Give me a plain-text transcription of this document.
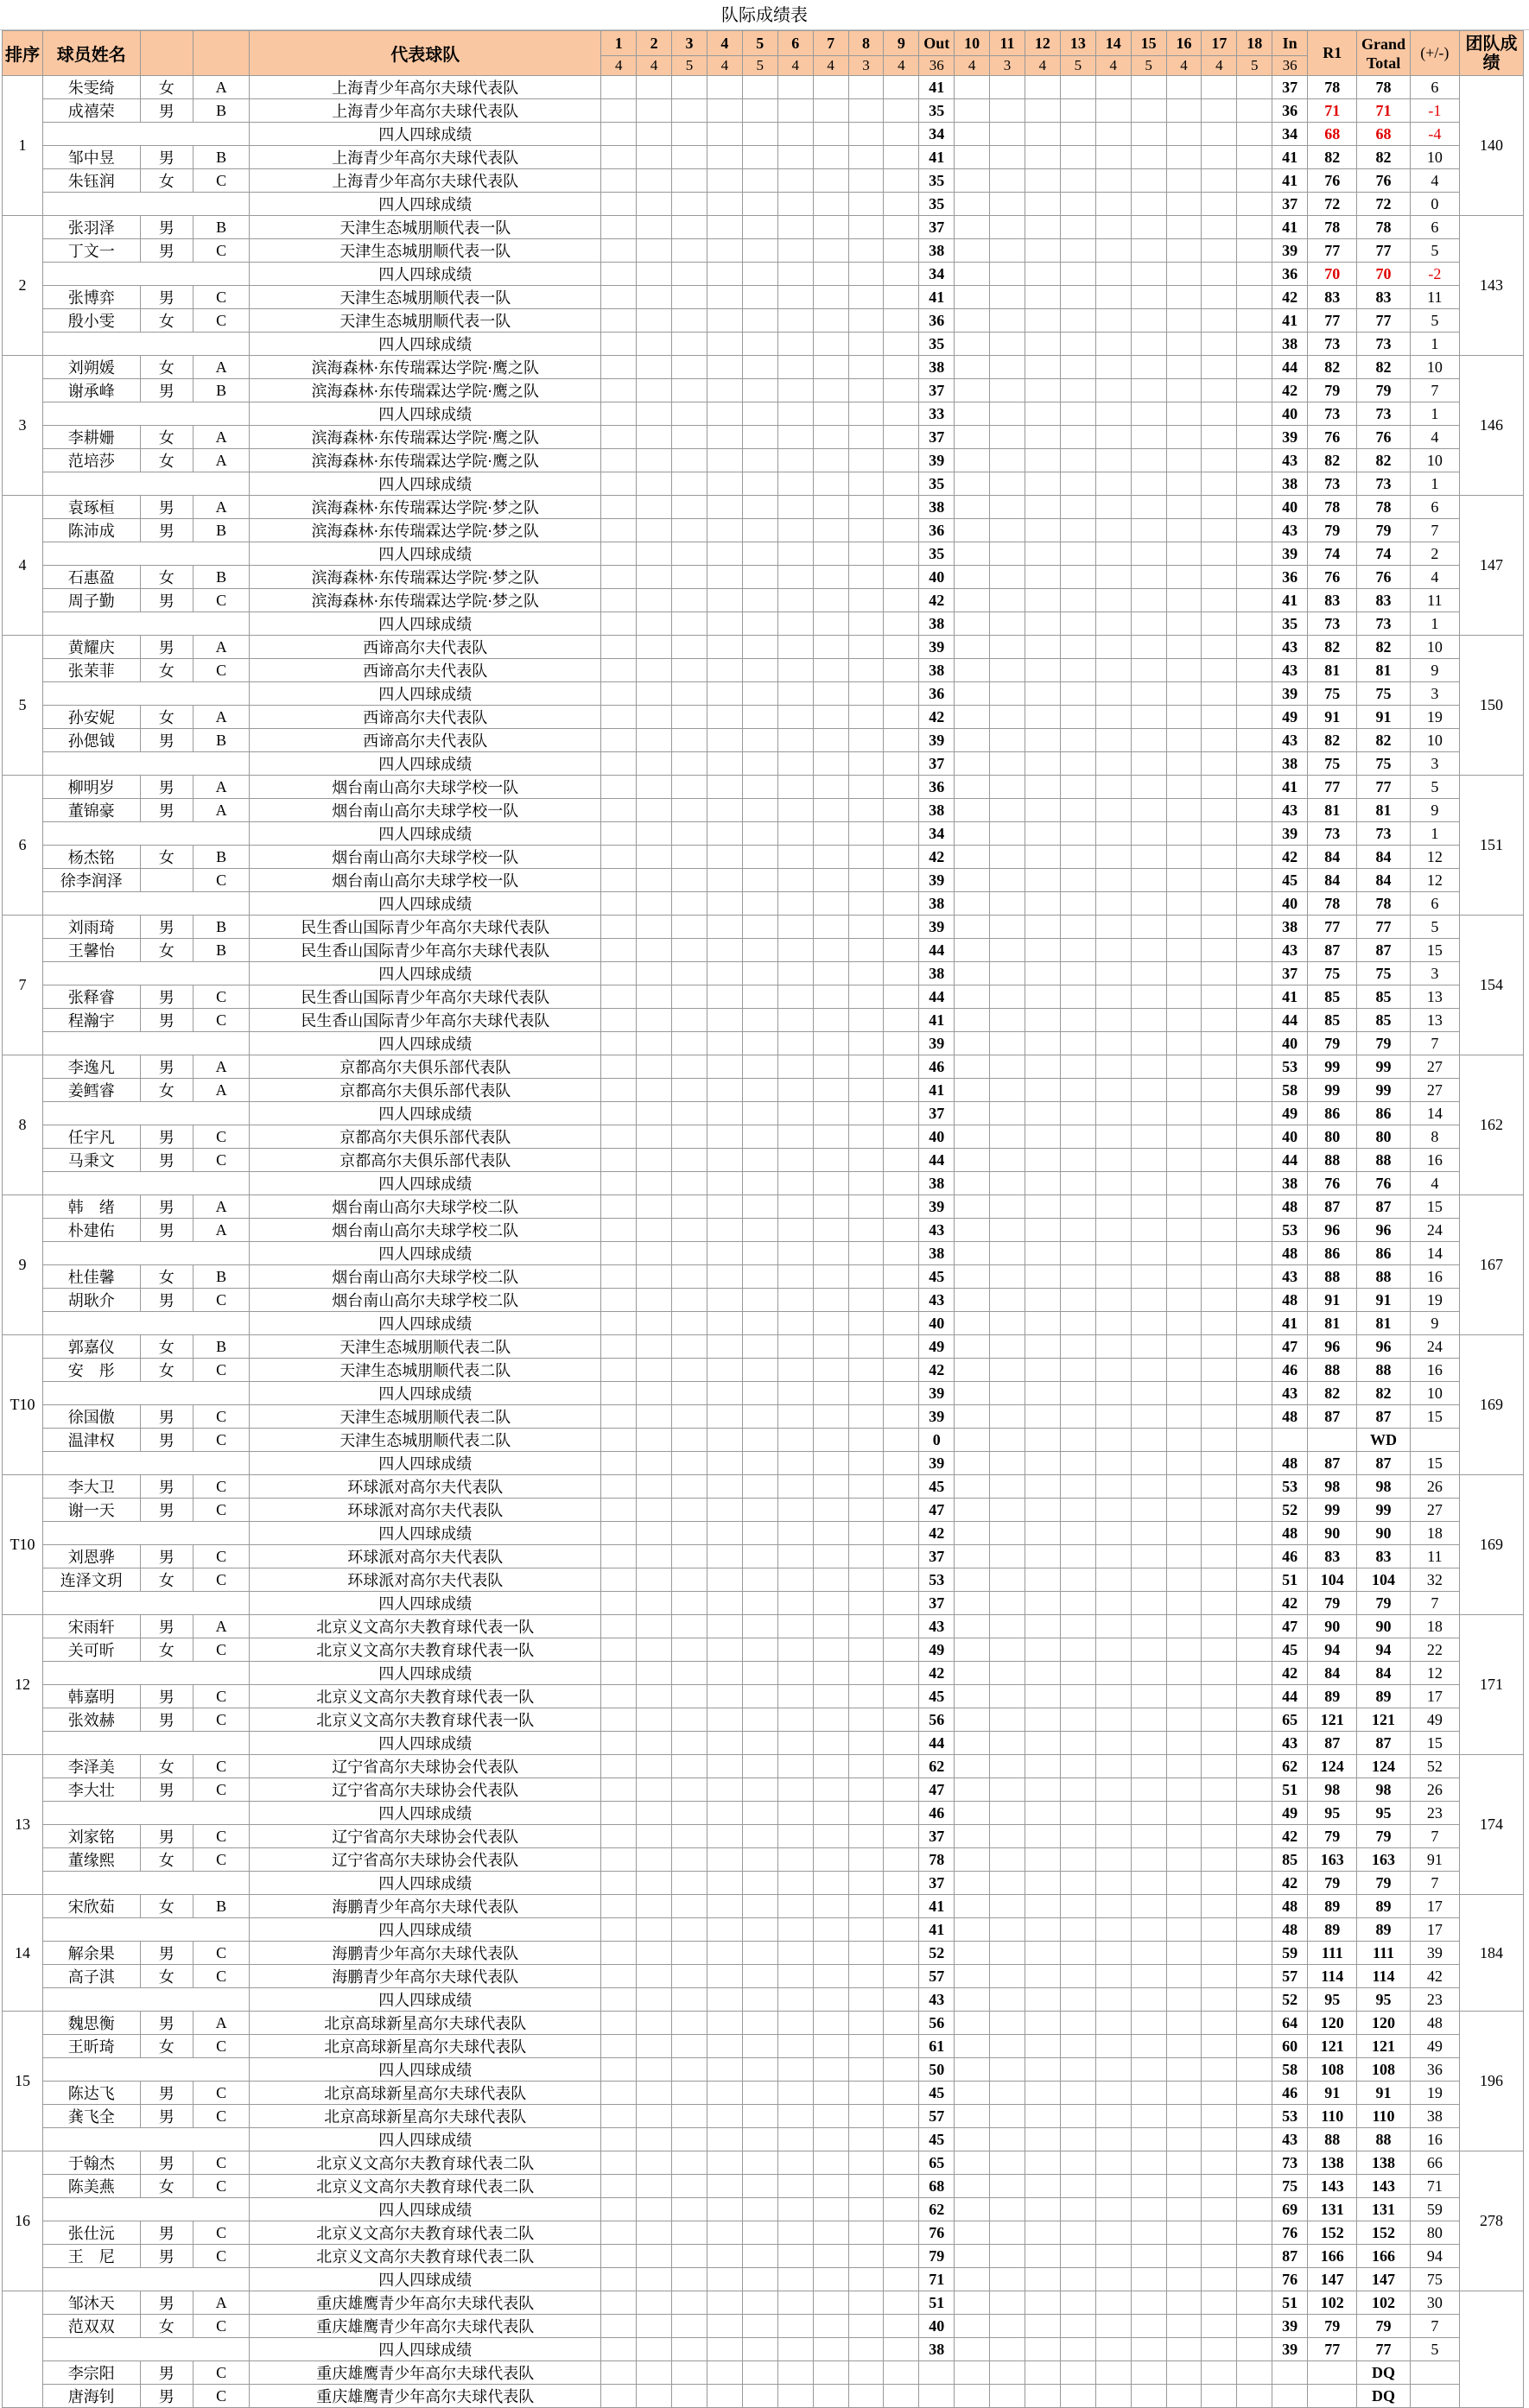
队际成绩表
排序	球员姓名			代表球队	1	2	3	4	5	6	7	8	9	Out	10	11	12	13	14	15	16	17	18	In	R1	Grand Total	(+/-)	团队成绩
					4	4	5	4	5	4	4	3	4	36	4	3	4	5	4	5	4	4	5	36				
1	朱雯绮	女	A	上海青少年高尔夫球代表队										41										37	78	78	6	140
	成禧荣	男	B	上海青少年高尔夫球代表队										35										36	71	71	-1	
				四人四球成绩										34										34	68	68	-4	
	邹中昱	男	B	上海青少年高尔夫球代表队										41										41	82	82	10	
	朱钰润	女	C	上海青少年高尔夫球代表队										35										41	76	76	4	
				四人四球成绩										35										37	72	72	0	
2	张羽泽	男	B	天津生态城朋顺代表一队										37										41	78	78	6	143
	丁文一	男	C	天津生态城朋顺代表一队										38										39	77	77	5	
				四人四球成绩										34										36	70	70	-2	
	张博弈	男	C	天津生态城朋顺代表一队										41										42	83	83	11	
	殷小雯	女	C	天津生态城朋顺代表一队										36										41	77	77	5	
				四人四球成绩										35										38	73	73	1	
3	刘朔媛	女	A	滨海森林·东传瑞霖达学院·鹰之队										38										44	82	82	10	146
	谢承峰	男	B	滨海森林·东传瑞霖达学院·鹰之队										37										42	79	79	7	
				四人四球成绩										33										40	73	73	1	
	李耕姗	女	A	滨海森林·东传瑞霖达学院·鹰之队										37										39	76	76	4	
	范培莎	女	A	滨海森林·东传瑞霖达学院·鹰之队										39										43	82	82	10	
				四人四球成绩										35										38	73	73	1	
4	袁琢桓	男	A	滨海森林·东传瑞霖达学院·梦之队										38										40	78	78	6	147
	陈沛成	男	B	滨海森林·东传瑞霖达学院·梦之队										36										43	79	79	7	
				四人四球成绩										35										39	74	74	2	
	石惠盈	女	B	滨海森林·东传瑞霖达学院·梦之队										40										36	76	76	4	
	周子勤	男	C	滨海森林·东传瑞霖达学院·梦之队										42										41	83	83	11	
				四人四球成绩										38										35	73	73	1	
5	黄耀庆	男	A	西谛高尔夫代表队										39										43	82	82	10	150
	张茉菲	女	C	西谛高尔夫代表队										38										43	81	81	9	
				四人四球成绩										36										39	75	75	3	
	孙安妮	女	A	西谛高尔夫代表队										42										49	91	91	19	
	孙偲钺	男	B	西谛高尔夫代表队										39										43	82	82	10	
				四人四球成绩										37										38	75	75	3	
6	柳明岁	男	A	烟台南山高尔夫球学校一队										36										41	77	77	5	151
	董锦豪	男	A	烟台南山高尔夫球学校一队										38										43	81	81	9	
				四人四球成绩										34										39	73	73	1	
	杨杰铭	女	B	烟台南山高尔夫球学校一队										42										42	84	84	12	
	徐李润泽		C	烟台南山高尔夫球学校一队										39										45	84	84	12	
				四人四球成绩										38										40	78	78	6	
7	刘雨琦	男	B	民生香山国际青少年高尔夫球代表队										39										38	77	77	5	154
	王馨怡	女	B	民生香山国际青少年高尔夫球代表队										44										43	87	87	15	
				四人四球成绩										38										37	75	75	3	
	张释睿	男	C	民生香山国际青少年高尔夫球代表队										44										41	85	85	13	
	程瀚宇	男	C	民生香山国际青少年高尔夫球代表队										41										44	85	85	13	
				四人四球成绩										39										40	79	79	7	
8	李逸凡	男	A	京都高尔夫俱乐部代表队										46										53	99	99	27	162
	姜鳕睿	女	A	京都高尔夫俱乐部代表队										41										58	99	99	27	
				四人四球成绩										37										49	86	86	14	
	任宇凡	男	C	京都高尔夫俱乐部代表队										40										40	80	80	8	
	马秉文	男	C	京都高尔夫俱乐部代表队										44										44	88	88	16	
				四人四球成绩										38										38	76	76	4	
9	韩　绪	男	A	烟台南山高尔夫球学校二队										39										48	87	87	15	167
	朴建佑	男	A	烟台南山高尔夫球学校二队										43										53	96	96	24	
				四人四球成绩										38										48	86	86	14	
	杜佳馨	女	B	烟台南山高尔夫球学校二队										45										43	88	88	16	
	胡耿介	男	C	烟台南山高尔夫球学校二队										43										48	91	91	19	
				四人四球成绩										40										41	81	81	9	
T10	郭嘉仪	女	B	天津生态城朋顺代表二队										49										47	96	96	24	169
	安　彤	女	C	天津生态城朋顺代表二队										42										46	88	88	16	
				四人四球成绩										39										43	82	82	10	
	徐国傲	男	C	天津生态城朋顺代表二队										39										48	87	87	15	
	温津权	男	C	天津生态城朋顺代表二队										0												WD		
				四人四球成绩										39										48	87	87	15	
T10	李大卫	男	C	环球派对高尔夫代表队										45										53	98	98	26	169
	谢一天	男	C	环球派对高尔夫代表队										47										52	99	99	27	
				四人四球成绩										42										48	90	90	18	
	刘恩骅	男	C	环球派对高尔夫代表队										37										46	83	83	11	
	连泽文玥	女	C	环球派对高尔夫代表队										53										51	104	104	32	
				四人四球成绩										37										42	79	79	7	
12	宋雨轩	男	A	北京义文高尔夫教育球代表一队										43										47	90	90	18	171
	关可昕	女	C	北京义文高尔夫教育球代表一队										49										45	94	94	22	
				四人四球成绩										42										42	84	84	12	
	韩嘉明	男	C	北京义文高尔夫教育球代表一队										45										44	89	89	17	
	张效赫	男	C	北京义文高尔夫教育球代表一队										56										65	121	121	49	
				四人四球成绩										44										43	87	87	15	
13	李泽美	女	C	辽宁省高尔夫球协会代表队										62										62	124	124	52	174
	李大壮	男	C	辽宁省高尔夫球协会代表队										47										51	98	98	26	
				四人四球成绩										46										49	95	95	23	
	刘家铭	男	C	辽宁省高尔夫球协会代表队										37										42	79	79	7	
	董缘熙	女	C	辽宁省高尔夫球协会代表队										78										85	163	163	91	
				四人四球成绩										37										42	79	79	7	
14	宋欣茹	女	B	海鹏青少年高尔夫球代表队										41										48	89	89	17	184
				四人四球成绩										41										48	89	89	17	
	解余果	男	C	海鹏青少年高尔夫球代表队										52										59	111	111	39	
	高子淇	女	C	海鹏青少年高尔夫球代表队										57										57	114	114	42	
				四人四球成绩										43										52	95	95	23	
15	魏思衡	男	A	北京高球新星高尔夫球代表队										56										64	120	120	48	196
	王昕琦	女	C	北京高球新星高尔夫球代表队										61										60	121	121	49	
				四人四球成绩										50										58	108	108	36	
	陈达飞	男	C	北京高球新星高尔夫球代表队										45										46	91	91	19	
	龚飞全	男	C	北京高球新星高尔夫球代表队										57										53	110	110	38	
				四人四球成绩										45										43	88	88	16	
16	于翰杰	男	C	北京义文高尔夫教育球代表二队										65										73	138	138	66	278
	陈美燕	女	C	北京义文高尔夫教育球代表二队										68										75	143	143	71	
				四人四球成绩										62										69	131	131	59	
	张仕沅	男	C	北京义文高尔夫教育球代表二队										76										76	152	152	80	
	王　尼	男	C	北京义文高尔夫教育球代表二队										79										87	166	166	94	
				四人四球成绩										71										76	147	147	75	
	邹沐天	男	A	重庆雄鹰青少年高尔夫球代表队										51										51	102	102	30	
	范双双	女	C	重庆雄鹰青少年高尔夫球代表队										40										39	79	79	7	
				四人四球成绩										38										39	77	77	5	
	李宗阳	男	C	重庆雄鹰青少年高尔夫球代表队																						DQ		
	唐海钊	男	C	重庆雄鹰青少年高尔夫球代表队																						DQ		
